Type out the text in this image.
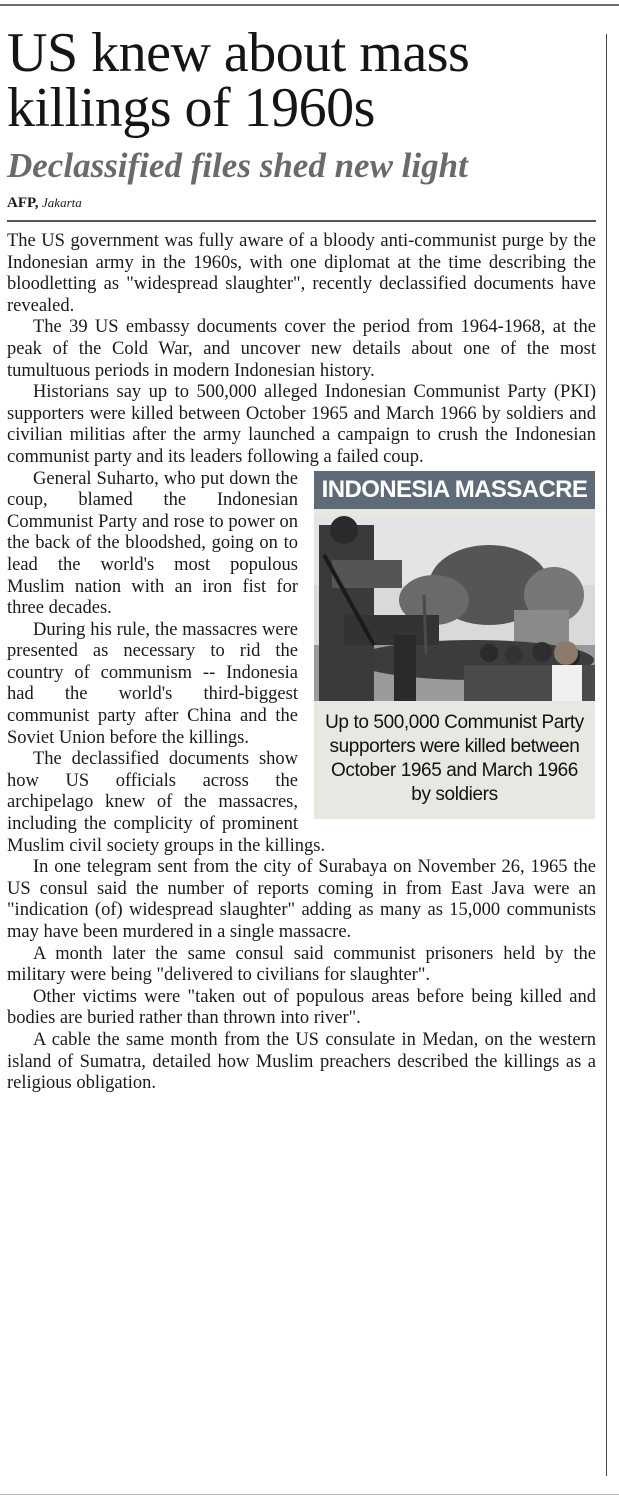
US knew about mass killings of 1960s
Declassified files shed new light
AFP, Jakarta

The US government was fully aware of a bloody anti-communist purge by the Indonesian army in the 1960s, with one diplomat at the time describing the bloodletting as "widespread slaughter", recently declassified documents have revealed.

The 39 US embassy documents cover the period from 1964-1968, at the peak of the Cold War, and uncover new details about one of the most tumultuous periods in modern Indonesian history.

Historians say up to 500,000 alleged Indonesian Communist Party (PKI) supporters were killed between October 1965 and March 1966 by soldiers and civilian militias after the army launched a campaign to crush the Indonesian communist party and its leaders following a failed coup.

INDONESIA MASSACRE
Up to 500,000 Communist Party supporters were killed between October 1965 and March 1966 by soldiers

General Suharto, who put down the coup, blamed the Indonesian Communist Party and rose to power on the back of the bloodshed, going on to lead the world's most populous Muslim nation with an iron fist for three decades.

During his rule, the massacres were presented as necessary to rid the country of communism -- Indonesia had the world's third-biggest communist party after China and the Soviet Union before the killings.

The declassified documents show how US officials across the archipelago knew of the massacres, including the complicity of prominent Muslim civil society groups in the killings.

In one telegram sent from the city of Surabaya on November 26, 1965 the US consul said the number of reports coming in from East Java were an "indication (of) widespread slaughter" adding as many as 15,000 communists may have been murdered in a single massacre.

A month later the same consul said communist prisoners held by the military were being "delivered to civilians for slaughter".

Other victims were "taken out of populous areas before being killed and bodies are buried rather than thrown into river".

A cable the same month from the US consulate in Medan, on the western island of Sumatra, detailed how Muslim preachers described the killings as a religious obligation.
